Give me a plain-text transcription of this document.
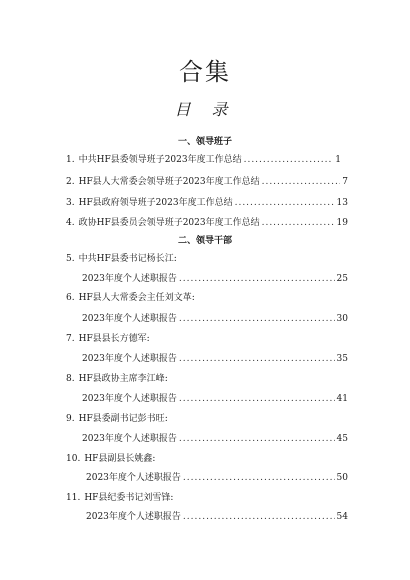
合集
目 录
一、领导班子
1. 中共HF县委领导班子2023年度工作总结 .....	1
2. HF县人大常委会领导班子2023年度工作总结 .....	7
3. HF县政府领导班子2023年度工作总结 .....	13
4. 政协HF县委员会领导班子2023年度工作总结 .....	19
二、领导干部
5. 中共HF县委书记杨长江:
2023年度个人述职报告 .....	25
6. HF县人大常委会主任刘文革:
2023年度个人述职报告 .....	30
7. HF县县长方德军:
2023年度个人述职报告 .....	35
8. HF县政协主席李江峰:
2023年度个人述职报告 .....	41
9. HF县委副书记彭书旺:
2023年度个人述职报告 .....	45
10. HF县副县长姚鑫:
2023年度个人述职报告 .....	50
11. HF县纪委书记刘雪锋:
2023年度个人述职报告 .....	54
